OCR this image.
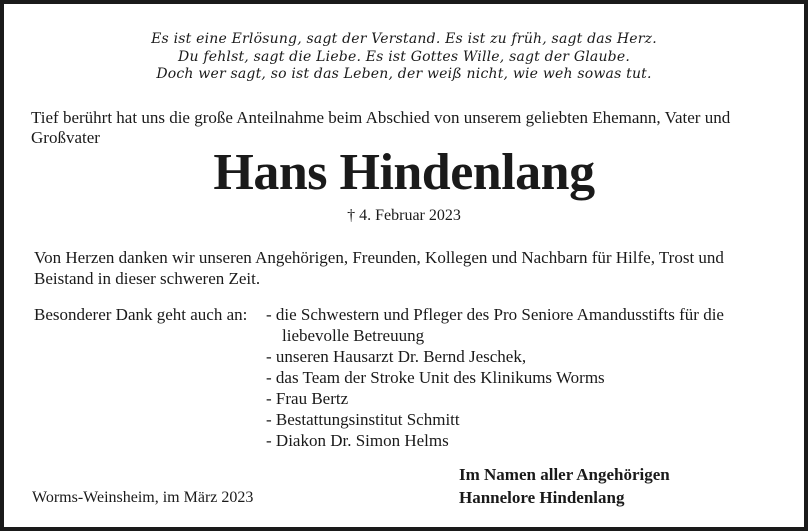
Es ist eine Erlösung, sagt der Verstand. Es ist zu früh, sagt das Herz.
Du fehlst, sagt die Liebe. Es ist Gottes Wille, sagt der Glaube.
Doch wer sagt, so ist das Leben, der weiß nicht, wie weh sowas tut.
Tief berührt hat uns die große Anteilnahme beim Abschied von unserem geliebten Ehemann, Vater und Großvater
Hans Hindenlang
† 4. Februar 2023
Von Herzen danken wir unseren Angehörigen, Freunden, Kollegen und Nachbarn für Hilfe, Trost und Beistand in dieser schweren Zeit.
Besonderer Dank geht auch an: - die Schwestern und Pfleger des Pro Seniore Amandusstifts für die liebevolle Betreuung
- unseren Hausarzt Dr. Bernd Jeschek,
- das Team der Stroke Unit des Klinikums Worms
- Frau Bertz
- Bestattungsinstitut Schmitt
- Diakon Dr. Simon Helms
Worms-Weinsheim, im März 2023
Im Namen aller Angehörigen
Hannelore Hindenlang
